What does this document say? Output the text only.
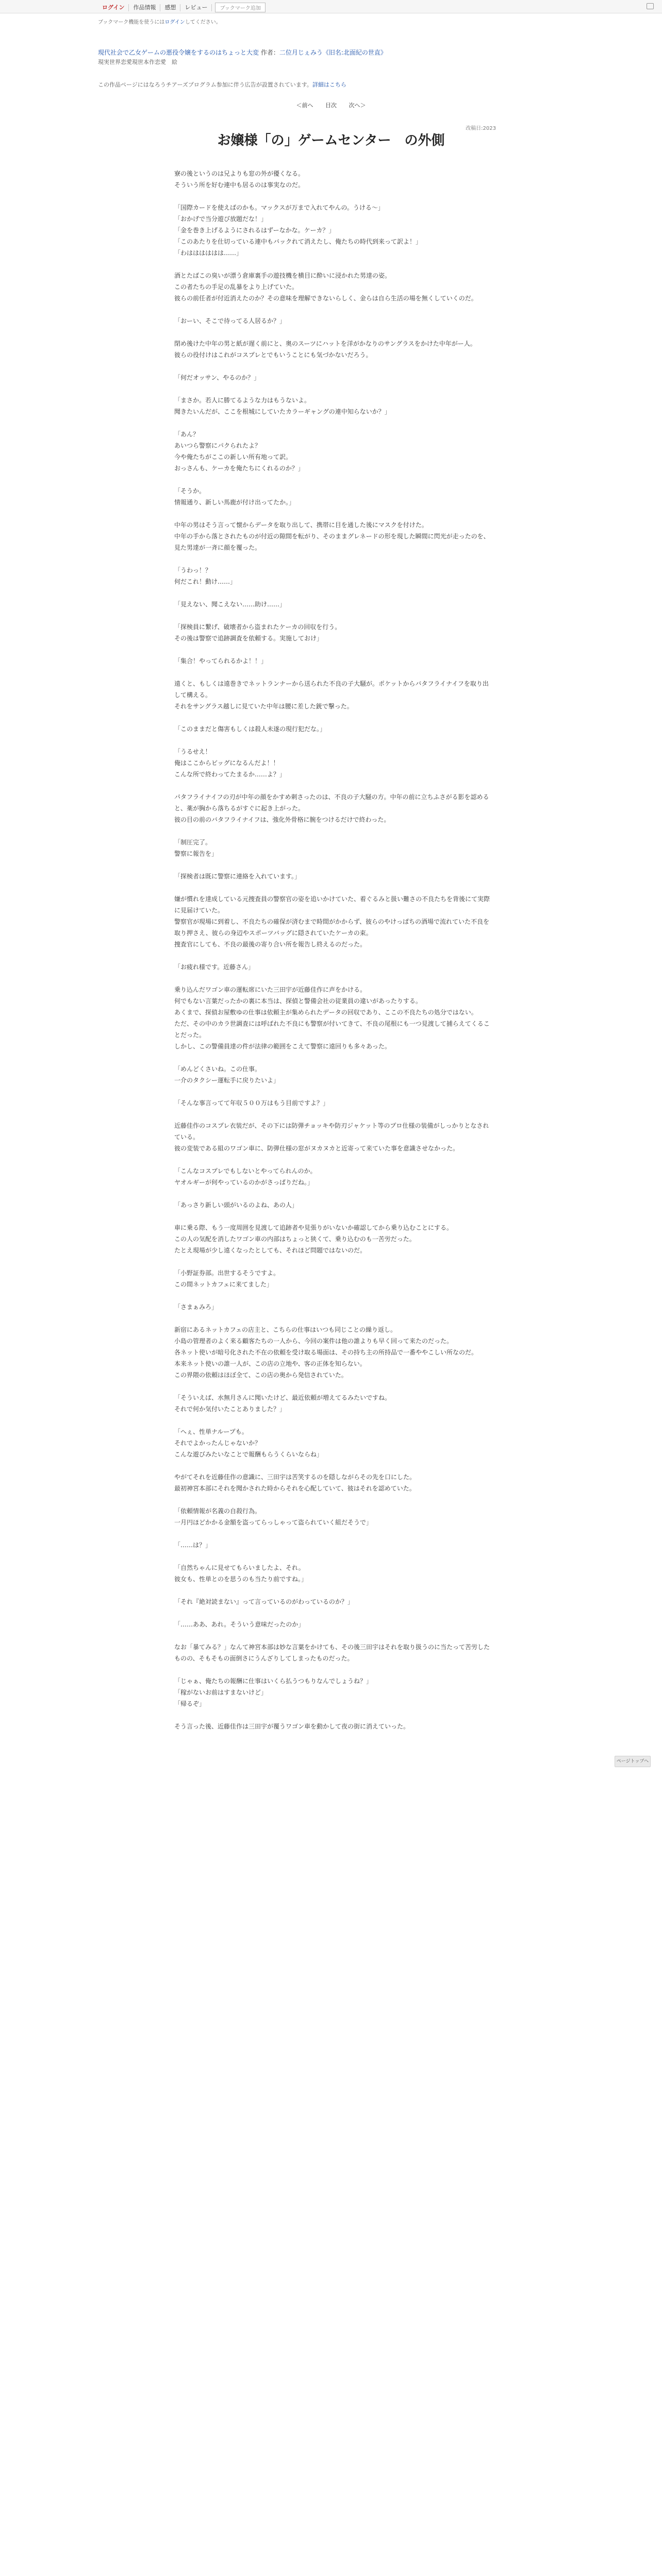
ログイン	作品情報	感想	レビュー	ブックマーク追加
ブックマーク機能を使うにはログインしてください。
現代社会で乙女ゲームの悪役令嬢をするのはちょっと大変 作者：二位月じぇみう《旧名:北面紀の世直》
現実世界恋愛現世本作恋愛　絵
この作品ページにはなろうチアーズプログラム参加に伴う広告が設置されています。詳細はこちら
＜前へ 目次 次へ＞
改稿日:2023
お嬢様「の」ゲームセンター　の外側

寮の後というのは兄よりも窓の外が優くなる。
そういう所を好む連中も居るのは事実なのだ。

「国際カードを使えばのかも。マックスが万まで入れてやんの。うける〜」
「おかげで当分遊び放題だな！」
「金を巻き上げるようにされるはずーなかな。ケーカ？」
「このあたりを仕切っている連中もバックれて消えたし、俺たちの時代到来って訳よ！」
「わはははははは……」

酒とたばこの臭いが漂う倉庫裏手の遊技機を横目に酔いに浸かれた男達の姿。
この者たちの手足の乱暴をより上げていた。
彼らの前任者が付近消えたのか？その意味を理解できないらしく、金らは自ら生活の場を無くしていくのだ。

「おーい、そこで待ってる人居るか？」

閉め後けた中年の男と紙が遅く前にと、奥のスーツにハットを洋がかなりのサングラスをかけた中年がー人。
彼らの役付けはこれがコスプレとでもいうことにも気づかないだろう。

「何だオッサン、やるのか？」

「まさか。若人に勝てるような力はもうないよ。
聞きたいんだが、ここを根城にしていたカラーギャングの連中知らないか？」

「あん？
あいつら警察にパクられたよ？
今や俺たちがここの新しい所有地って訳。
おっさんも、ケーカを俺たちにくれるのか？」

「そうか。
情報通り、新しい馬鹿が付け出ってたか。」

中年の男はそう言って懐からデータを取り出して、携帯に目を通した後にマスクを付けた。
中年の手から落とされたものが付近の隙間を転がり、そのままグレネードの形を現した瞬間に閃光が走ったのを、見た男達が一斉に顔を覆った。

「うわっ！？
何だこれ！動け……」

「見えない、聞こえない……助け……」

「探検員に繋げ、破壊者から盗まれたケーカの回収を行う。
その後は警察で追跡調査を依頼する。実施しておけ」

「集合！やってられるかよ！！」

遠くと、もしくは遠巻きでネットランナーから送られた不良の子大騒が。ポケットからバタフライナイフを取り出して構える。
それをサングラス越しに見ていた中年は腰に差した銃で撃った。

「このままだと傷害もしくは殺人未遂の現行犯だな。」

「うるせえ！
俺はここからビッグになるんだよ！！
こんな所で終わってたまるか……よ？」

パタフライナイフの刃が中年の顔をかすめ刺さったのは、不良の子大騒の方。中年の前に立ちふさがる影を認めると、薬が胸から落ちるがすぐに起き上がった。
彼の目の前のバタフライナイフは、強化外骨格に腕をつけるだけで終わった。

「制圧完了。
警察に報告を」

「探検者は既に警察に連絡を入れています。」

嫌が慣れを達成している元捜査員の警察官の姿を追いかけていた、着ぐるみと扱い難さの不良たちを背後にて実際に見届けていた。
警察官が現場に到着し、不良たちの確保が済むまで時間がかからず、彼らのやけっぱちの酒場で流れていた不良を取り押さえ、彼らの身辺やスポーツバッグに隠されていたケーカの束。
捜査官にしても、不良の最後の寄り合い所を報告し終えるのだった。

「お疲れ様です。近藤さん」

乗り込んだワゴン車の運転席にいた三田宇が近藤佳作に声をかける。
何でもない言葉だったかの裏に本当は、探偵と警備会社の従業員の違いがあったりする。
あくまで、探偵お屋敷ゆの仕事は依頼主が集められたデータの回収であり、ここの不良たちの処分ではない。
ただ、その中のカラ世調査には呼ばれた不良にも警察が付いてきて、不良の尾根にも一つ見渡して捕らえてくることだった。
しかし、この警備員達の件が法律の範囲をこえて警察に遠回りも多々あった。

「めんどくさいね。この仕事。
一介のタクシー運転手に戻りたいよ」

「そんな事言ってて年収５００万はもう目前ですよ？」

近藤佳作のコスプレ衣装だが、その下には防弾チョッキや防刃ジャケット等のプロ仕様の装備がしっかりとなされている。
彼の変装である組のワゴン車に、防弾仕様の窓がヌカヌカと近寄って来ていた事を意識させなかった。

「こんなコスプレでもしないとやってられんのか。
ヤオルギーが何やっているのかがさっぱりだね。」

「あっさり新しい頭がいるのよね、あの人」

車に乗る際、もう一度周囲を見渡して追跡者や見張りがいないか確認してから乗り込むことにする。
この人の気配を消したワゴン車の内部はちょっと狭くて、乗り込むのも一苦労だった。
たとえ現場が少し遠くなったとしても、それほど問題ではないのだ。

「小野証券部。出世するそうですよ。
この間ネットカフェに来てました」

「さまぁみろ」

新宿にあるネットカフェの店主と、こちらの仕事はいつも同じことの繰り返し。
小島の管理者のよく来る顧客たちの一人から、今回の案件は他の誰よりも早く回って来たのだった。
各ネット使いが暗号化された不在の依頼を受け取る場面は、その持ち主の所持品で一番ややこしい所なのだ。
本来ネット使いの誰一人が、この店の立地や、客の正体を知らない。
この界隈の依頼はほぼ全て、この店の奥から発信されていた。

「そういえば、水無月さんに聞いたけど、最近依頼が増えてるみたいですね。
それで何か気付いたことありました？」

「へぇ、性単ナループも。
それでよかったんじゃないか？
こんな遊びみたいなことで報酬もらうくらいならね」

やがてそれを近藤佳作の意識に、三田宇は苦笑するのを隠しながらその先を口にした。
最初神宮本部にそれを聞かされた時からそれを心配していて、彼はそれを認めていた。

「依頼情報が名義の自殺行為。
一月円ほどかかる金額を盗ってらっしゃって盗られていく組だそうで」

「……は？」

「自然ちゃんに見せてもらいましたよ、それ。
彼女も、性単とのを思うのも当たり前ですね。」

「それ『絶対読まない』って言っているのがわっているのか？」

「……ああ、あれ。そういう意味だったのか」

なお「暴てみる？」なんて神宮本部は妙な言葉をかけても、その後三田宇はそれを取り扱うのに当たって苦労したものの、そもそもの面倒さにうんざりしてしまったものだった。

「じゃぁ、俺たちの報酬に仕事はいくら払うつもりなんでしょうね？」
「稼がないお前はすまないけど」
「帰るぞ」

そう言った後、近藤佳作は三田宇が覆うワゴン車を動かして夜の街に消えていった。

ページトップへ
